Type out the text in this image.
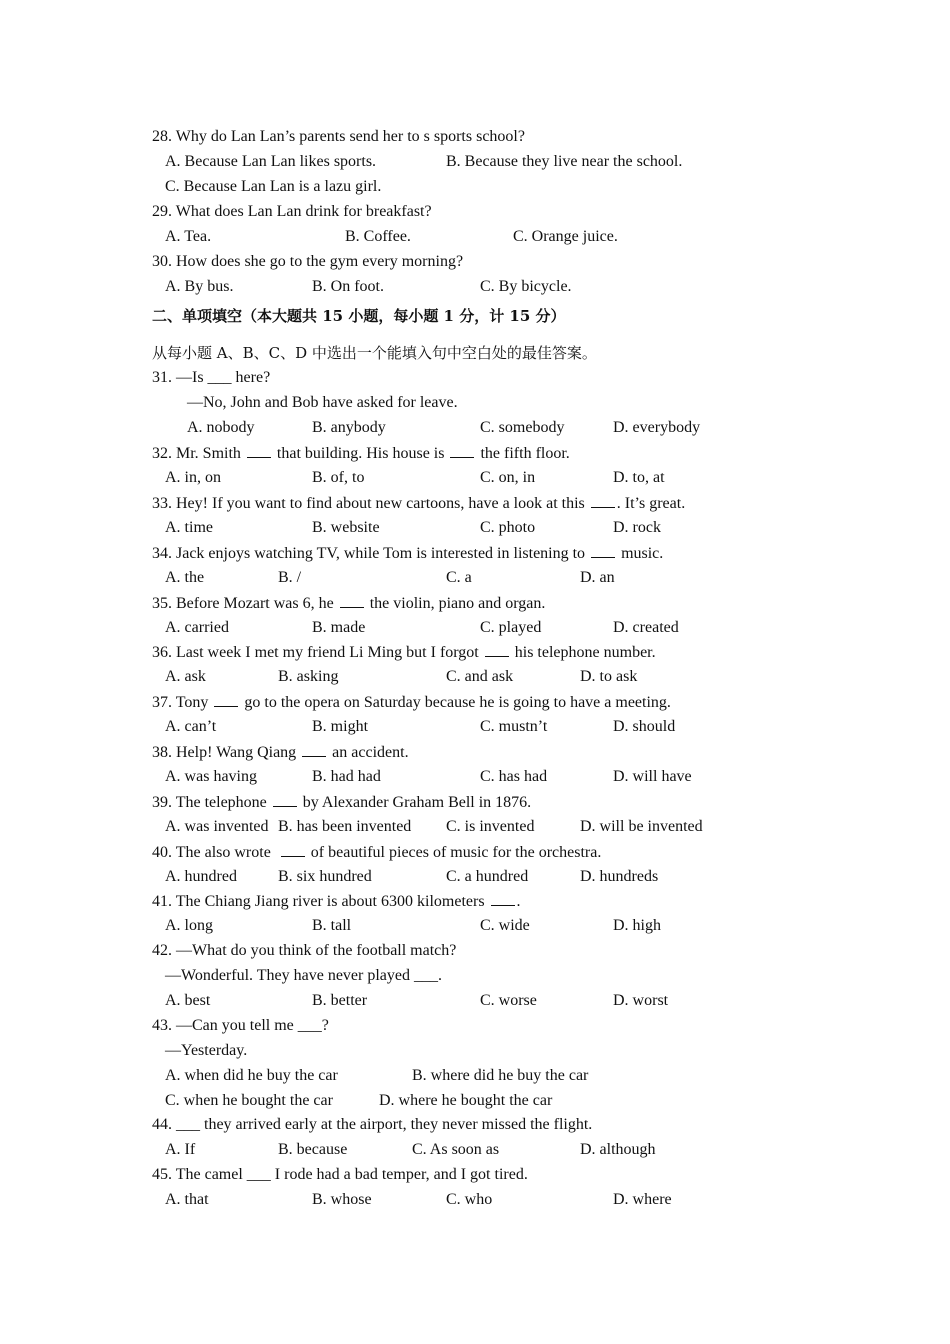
28. Why do Lan Lan’s parents send her to s sports school?
A. Because Lan Lan likes sports.	B. Because they live near the school.
C. Because Lan Lan is a lazu girl.
29. What does Lan Lan drink for breakfast?
A. Tea.	B. Coffee.	C. Orange juice.
30. How does she go to the gym every morning?
A. By bus.	B. On foot.	C. By bicycle.
二、单项填空（本大题共 15 小题，每小题 1 分，计 15 分）
从每小题 A、B、C、D 中选出一个能填入句中空白处的最佳答案。
31. —Is ___ here?
—No, John and Bob have asked for leave.
A. nobody	B. anybody	C. somebody	D. everybody
32. Mr. Smith that building. His house is the fifth floor.
A. in, on	B. of, to	C. on, in	D. to, at
33. Hey! If you want to find about new cartoons, have a look at this . It’s great.
A. time	B. website	C. photo	D. rock
34. Jack enjoys watching TV, while Tom is interested in listening to music.
A. the	B. /	C. a	D. an
35. Before Mozart was 6, he the violin, piano and organ.
A. carried	B. made	C. played	D. created
36. Last week I met my friend Li Ming but I forgot his telephone number.
A. ask	B. asking	C. and ask	D. to ask
37. Tony go to the opera on Saturday because he is going to have a meeting.
A. can’t	B. might	C. mustn’t	D. should
38. Help! Wang Qiang an accident.
A. was having	B. had had	C. has had	D. will have
39. The telephone by Alexander Graham Bell in 1876.
A. was invented B. has been invented C. is invented	D. will be invented
40. The also wrote	of beautiful pieces of music for the orchestra.
A. hundred	B. six hundred	C. a hundred	D. hundreds
41. The Chiang Jiang river is about 6300 kilometers .
A. long	B. tall	C. wide	D. high
42. —What do you think of the football match?
—Wonderful. They have never played ___.
A. best	B. better	C. worse	D. worst
43. —Can you tell me ___?
—Yesterday.
A. when did he buy the car	B. where did he buy the car
C. when he bought the car	D. where he bought the car
44. ___ they arrived early at the airport, they never missed the flight.
A. If	B. because	C. As soon as	D. although
45. The camel ___ I rode had a bad temper, and I got tired.
A. that	B. whose	C. who	D. where
